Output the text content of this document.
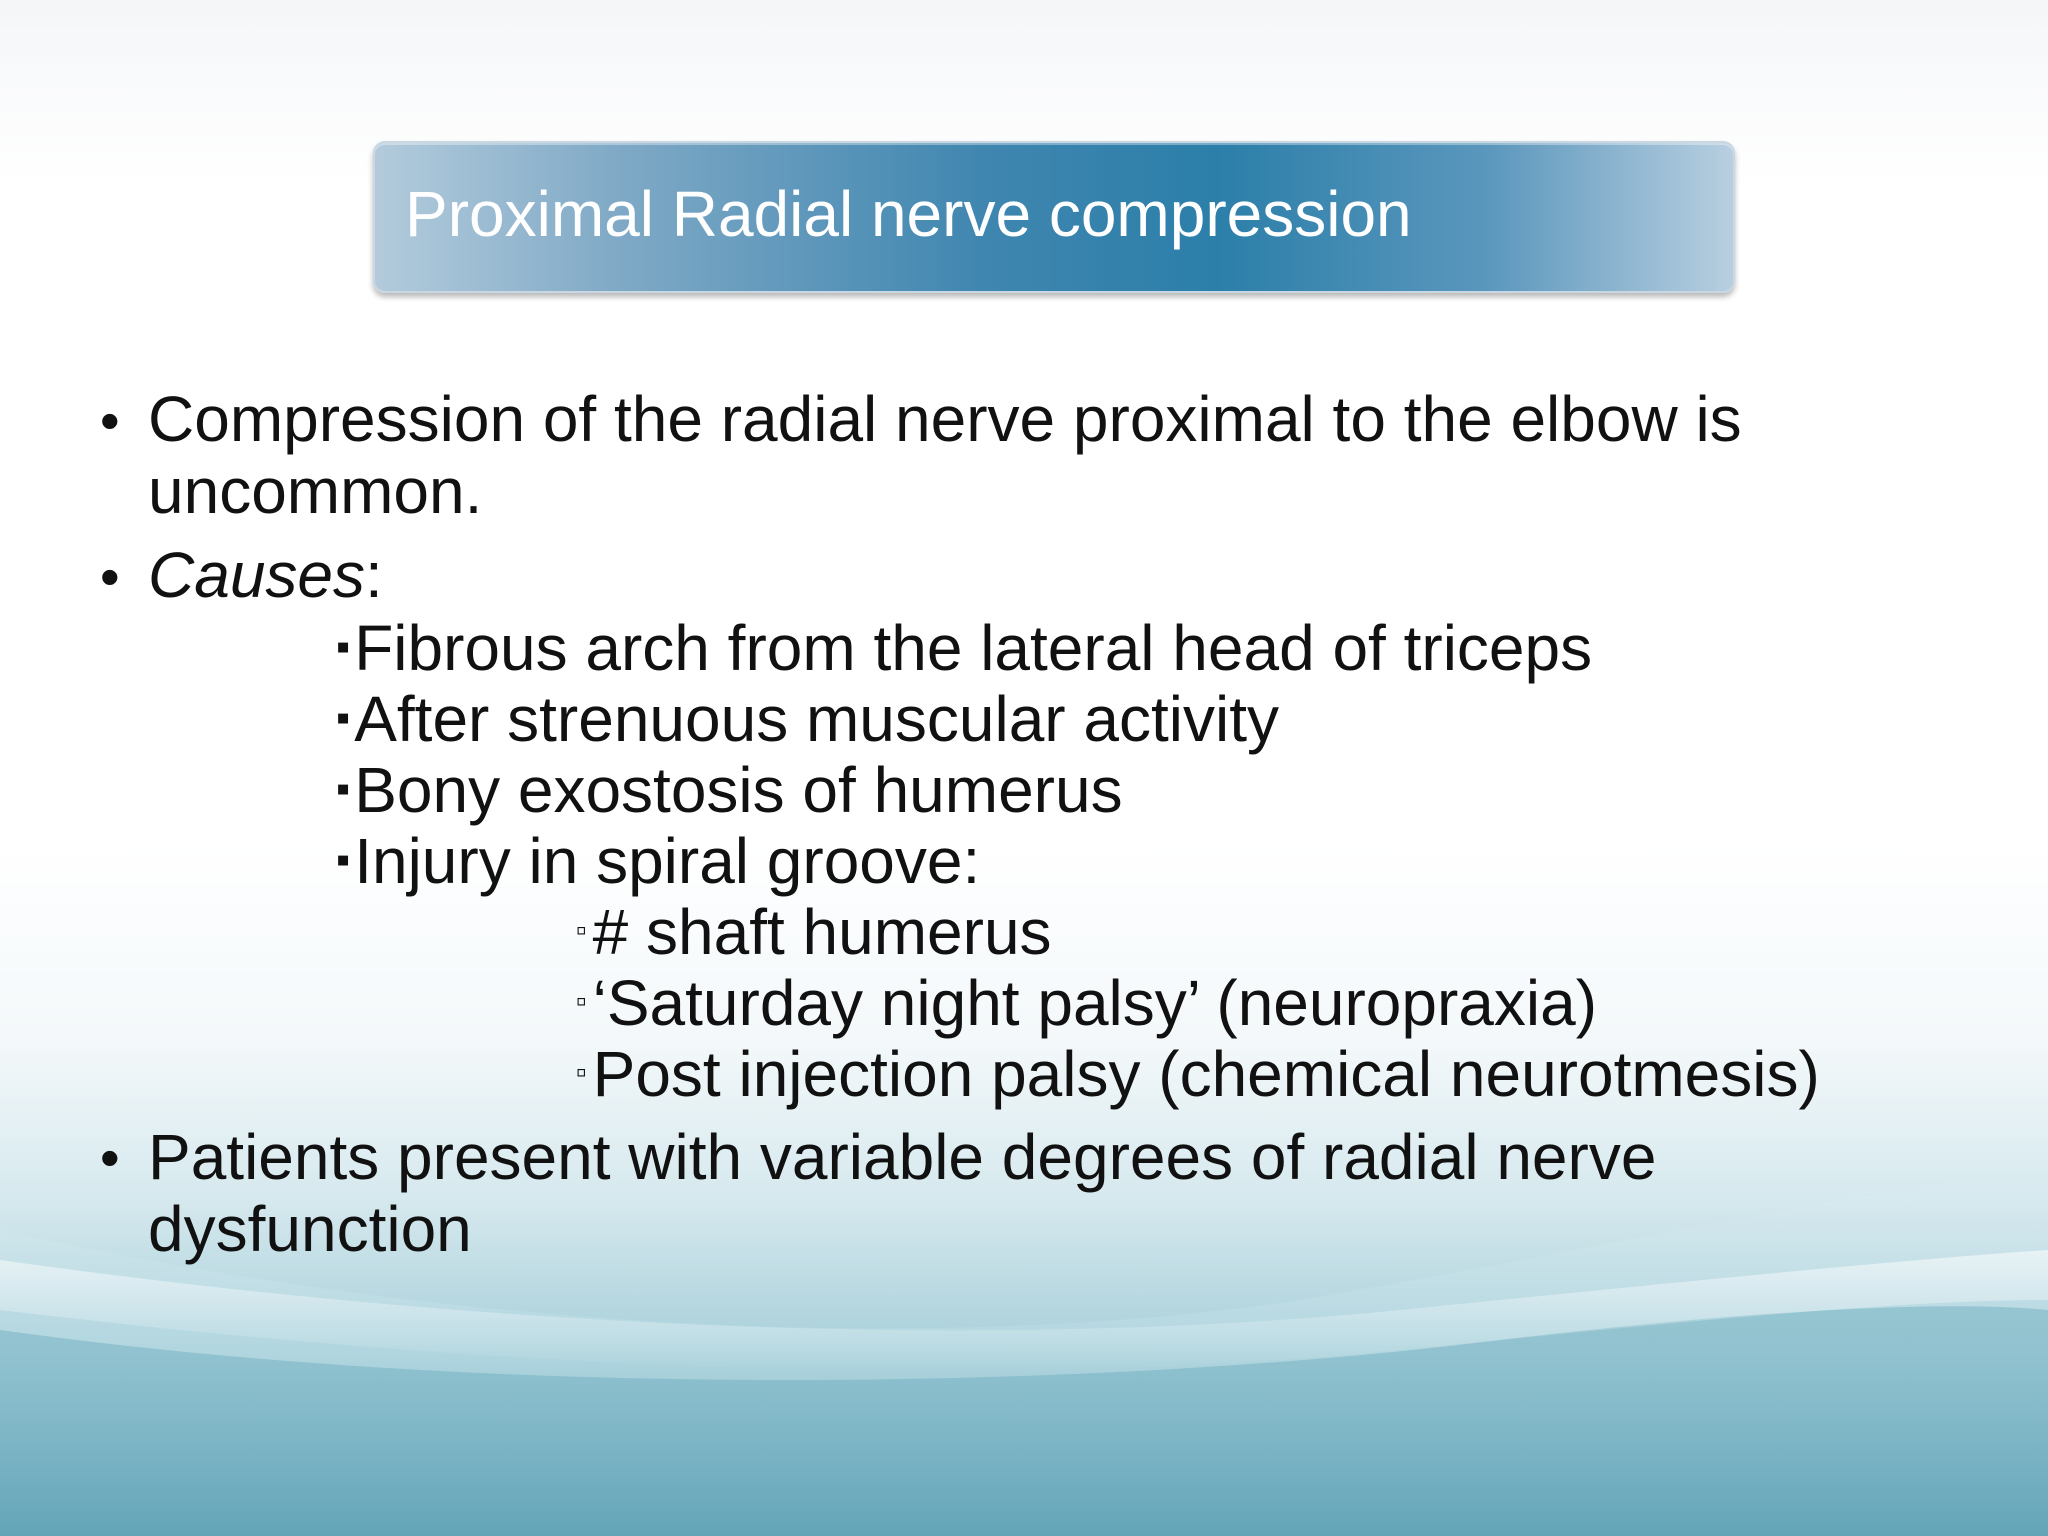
Proximal Radial nerve compression
• Compression of the radial nerve proximal to the elbow is
uncommon.
• Causes:
▪Fibrous arch from the lateral head of triceps
▪After strenuous muscular activity
▪Bony exostosis of humerus
▪Injury in spiral groove:
▫# shaft humerus
▫‘Saturday night palsy’ (neuropraxia)
▫Post injection palsy (chemical neurotmesis)
• Patients present with variable degrees of radial nerve
dysfunction
